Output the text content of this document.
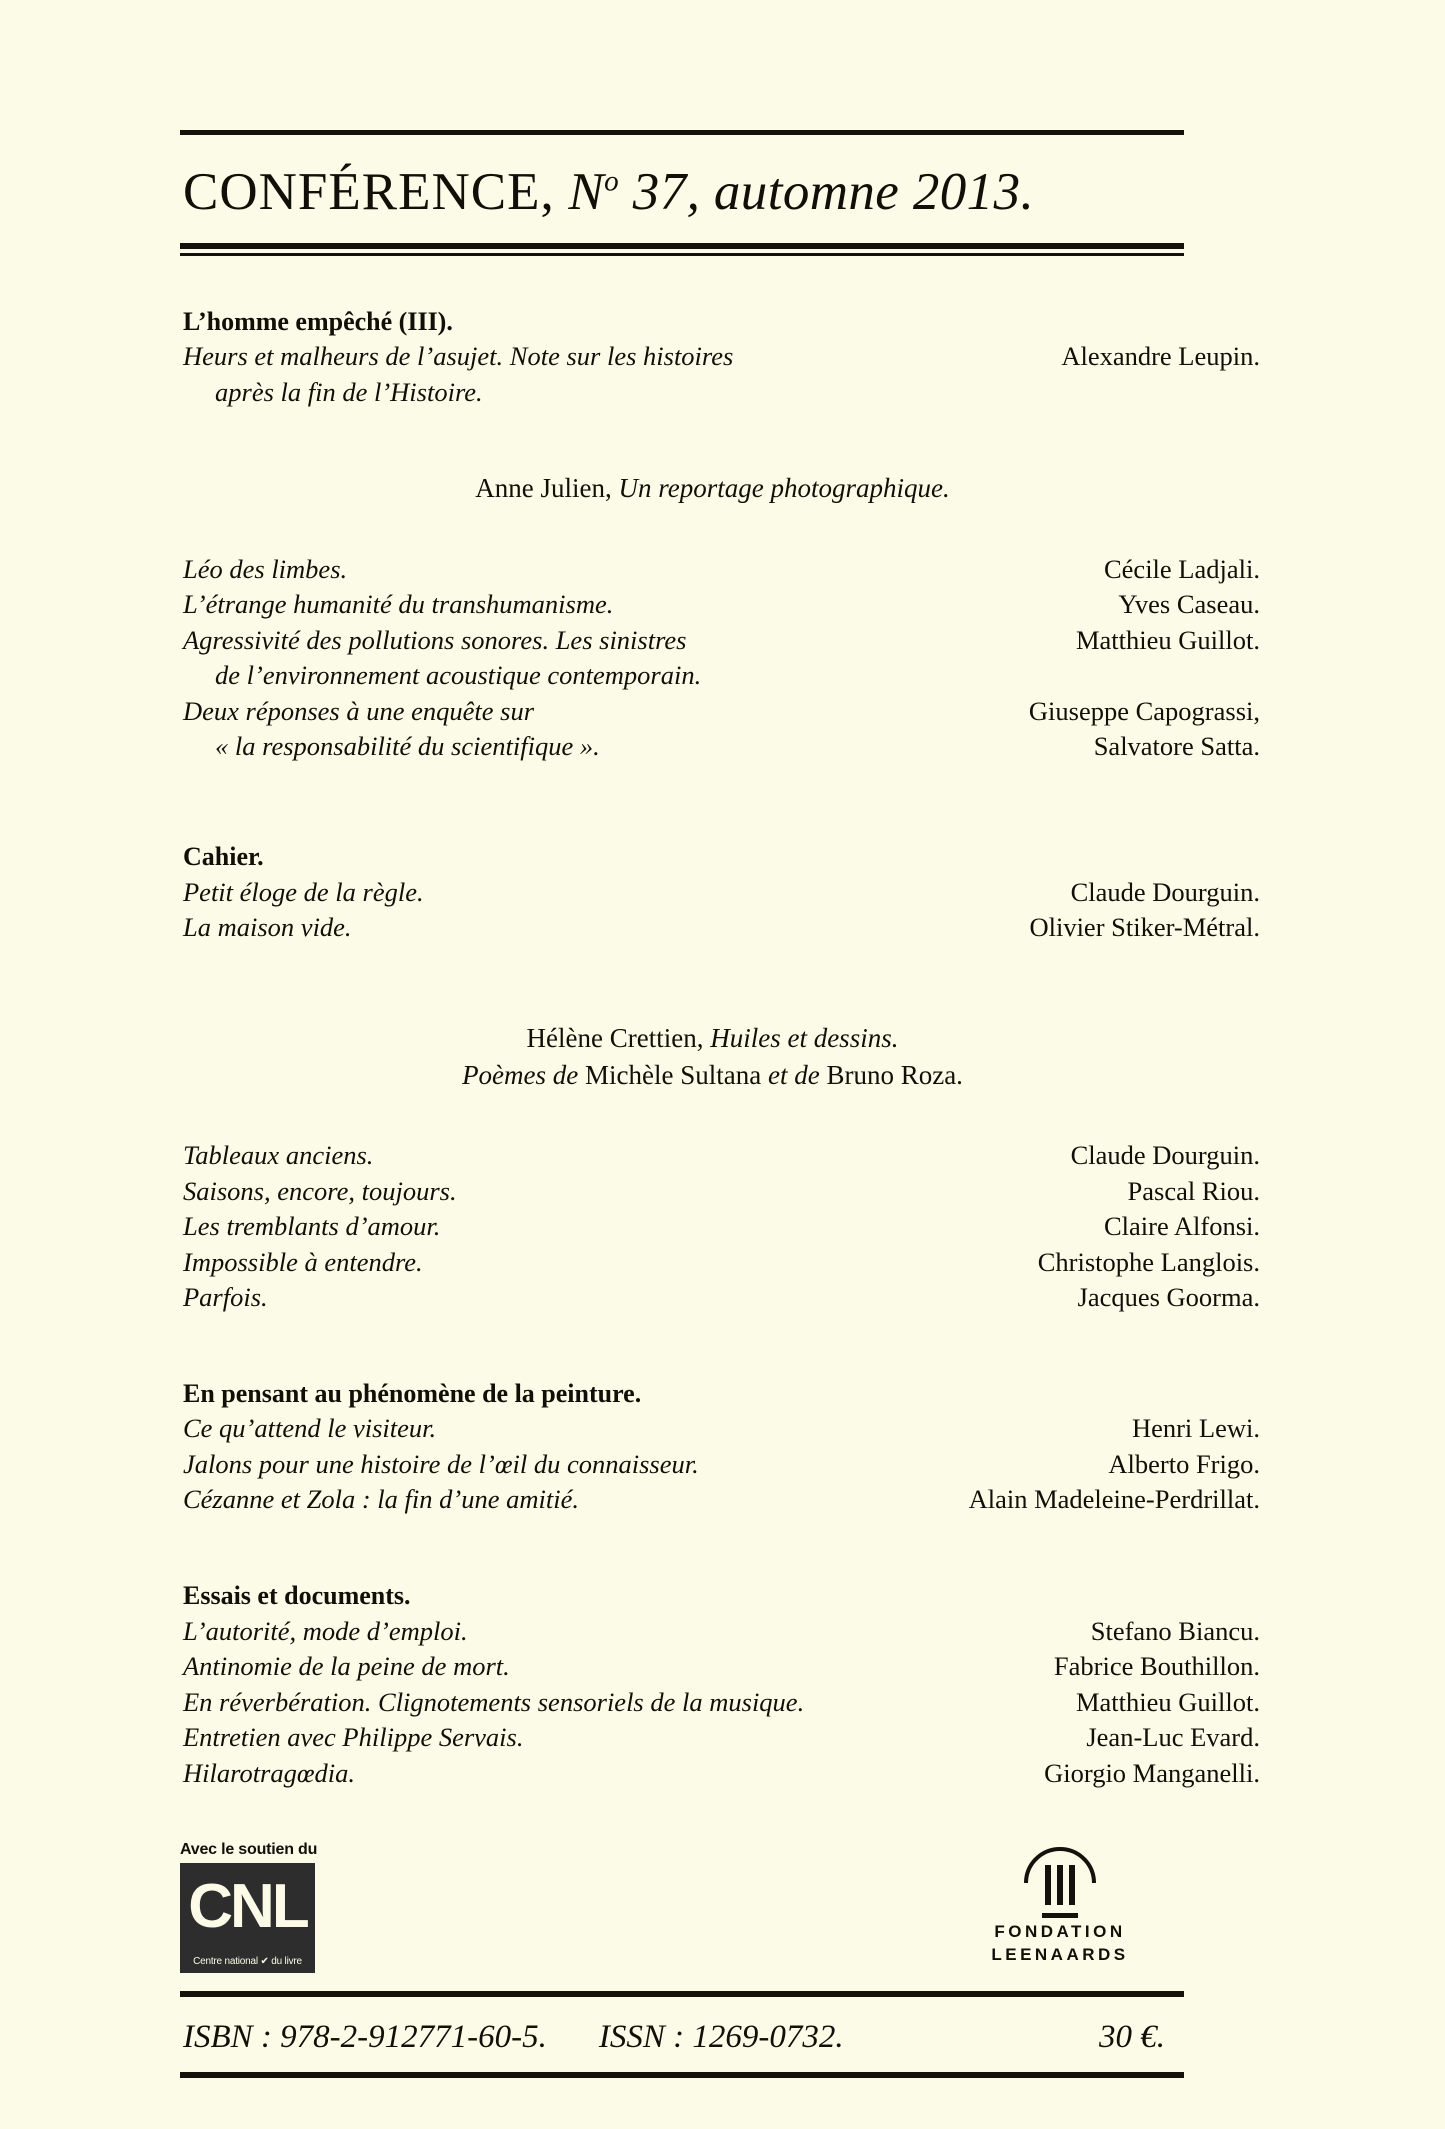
CONFÉRENCE, $N^o$ 37, automne 2013.
L’homme empêché (III).
Heurs et malheurs de l’asujet. Note sur les histoires	Alexandre Leupin.
après la fin de l’Histoire.
Anne Julien, Un reportage photographique.
Léo des limbes.	Cécile Ladjali.
L’étrange humanité du transhumanisme.	Yves Caseau.
Agressivité des pollutions sonores. Les sinistres	Matthieu Guillot.
de l’environnement acoustique contemporain.
Deux réponses à une enquête sur	Giuseppe Capograssi,
« la responsabilité du scientifique ».	Salvatore Satta.
Cahier.
Petit éloge de la règle.	Claude Dourguin.
La maison vide.	Olivier Stiker-Métral.
Hélène Crettien, Huiles et dessins.
Poèmes de Michèle Sultana et de Bruno Roza.
Tableaux anciens.	Claude Dourguin.
Saisons, encore, toujours.	Pascal Riou.
Les tremblants d’amour.	Claire Alfonsi.
Impossible à entendre.	Christophe Langlois.
Parfois.	Jacques Goorma.
En pensant au phénomène de la peinture.
Ce qu’attend le visiteur.	Henri Lewi.
Jalons pour une histoire de l’œil du connaisseur.	Alberto Frigo.
Cézanne et Zola : la fin d’une amitié.	Alain Madeleine-Perdrillat.
Essais et documents.
L’autorité, mode d’emploi.	Stefano Biancu.
Antinomie de la peine de mort.	Fabrice Bouthillon.
En réverbération. Clignotements sensoriels de la musique.	Matthieu Guillot.
Entretien avec Philippe Servais.	Jean-Luc Evard.
Hilarotragœdia.	Giorgio Manganelli.
Avec le soutien du
CNL
Centre national ✔ du livre
FONDATION
LEENAARDS
ISBN : 978-2-912771-60-5. ISSN : 1269-0732.	30 €.
